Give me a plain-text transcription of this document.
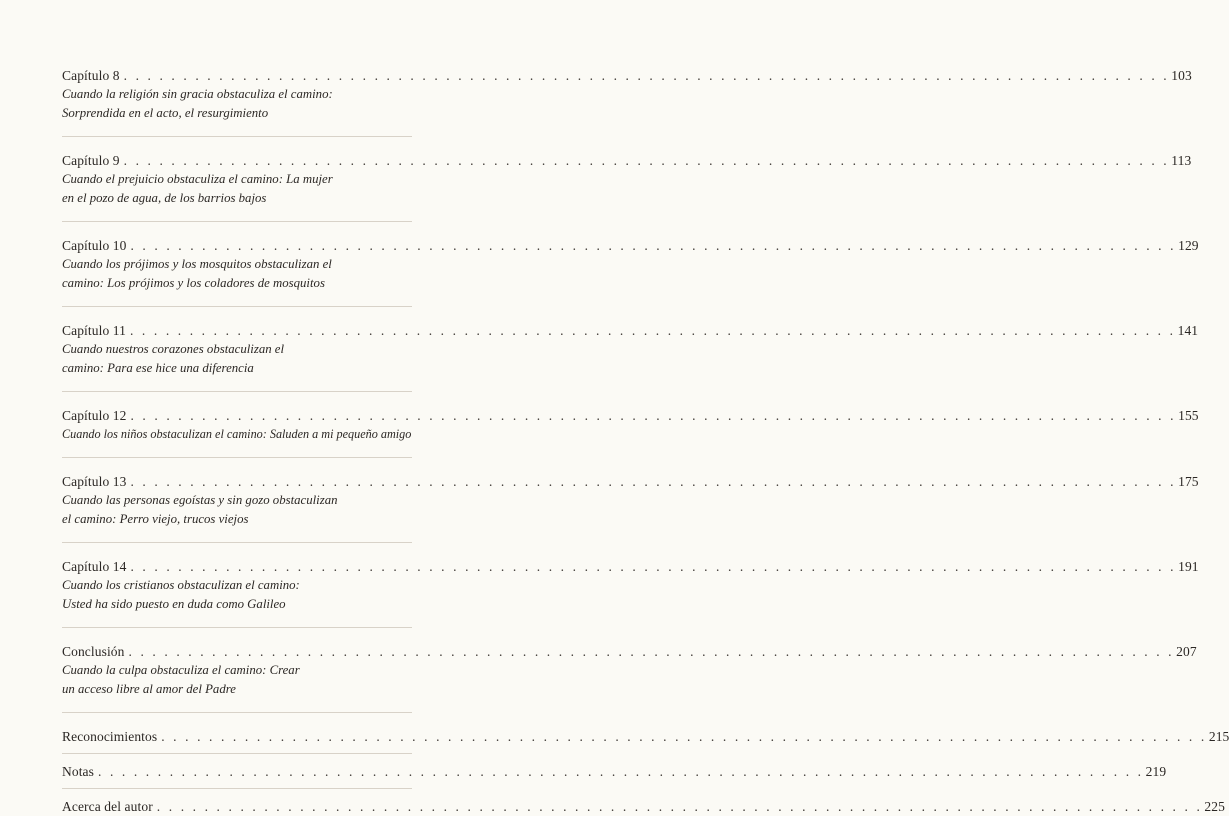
Capítulo 8 . . . . . . . . . . . . . . . . . . . . . . . . . . . . . . . . . . . . . . . . . . . . . . . . . . . . . . . . . . . . . . . . . . . . . . . . . . . . . . . . . . . . . . . . 103

Cuando la religión sin gracia obstaculiza el camino:

Sorprendida en el acto, el resurgimiento

Capítulo 9 . . . . . . . . . . . . . . . . . . . . . . . . . . . . . . . . . . . . . . . . . . . . . . . . . . . . . . . . . . . . . . . . . . . . . . . . . . . . . . . . . . . . . . . . 113

Cuando el prejuicio obstaculiza el camino: La mujer

en el pozo de agua, de los barrios bajos

Capítulo 10 . . . . . . . . . . . . . . . . . . . . . . . . . . . . . . . . . . . . . . . . . . . . . . . . . . . . . . . . . . . . . . . . . . . . . . . . . . . . . . . . . . . . . . . . 129

Cuando los prójimos y los mosquitos obstaculizan el

camino: Los prójimos y los coladores de mosquitos

Capítulo 11 . . . . . . . . . . . . . . . . . . . . . . . . . . . . . . . . . . . . . . . . . . . . . . . . . . . . . . . . . . . . . . . . . . . . . . . . . . . . . . . . . . . . . . . . 141

Cuando nuestros corazones obstaculizan el

camino: Para ese hice una diferencia

Capítulo 12 . . . . . . . . . . . . . . . . . . . . . . . . . . . . . . . . . . . . . . . . . . . . . . . . . . . . . . . . . . . . . . . . . . . . . . . . . . . . . . . . . . . . . . . . 155

Cuando los niños obstaculizan el camino: Saluden a mi pequeño amigo

Capítulo 13 . . . . . . . . . . . . . . . . . . . . . . . . . . . . . . . . . . . . . . . . . . . . . . . . . . . . . . . . . . . . . . . . . . . . . . . . . . . . . . . . . . . . . . . . 175

Cuando las personas egoístas y sin gozo obstaculizan

el camino: Perro viejo, trucos viejos

Capítulo 14 . . . . . . . . . . . . . . . . . . . . . . . . . . . . . . . . . . . . . . . . . . . . . . . . . . . . . . . . . . . . . . . . . . . . . . . . . . . . . . . . . . . . . . . . 191

Cuando los cristianos obstaculizan el camino:

Usted ha sido puesto en duda como Galileo

Conclusión . . . . . . . . . . . . . . . . . . . . . . . . . . . . . . . . . . . . . . . . . . . . . . . . . . . . . . . . . . . . . . . . . . . . . . . . . . . . . . . . . . . . . . . . 207

Cuando la culpa obstaculiza el camino: Crear

un acceso libre al amor del Padre

Reconocimientos . . . . . . . . . . . . . . . . . . . . . . . . . . . . . . . . . . . . . . . . . . . . . . . . . . . . . . . . . . . . . . . . . . . . . . . . . . . . . . . . . . . . . . . . 215
Notas . . . . . . . . . . . . . . . . . . . . . . . . . . . . . . . . . . . . . . . . . . . . . . . . . . . . . . . . . . . . . . . . . . . . . . . . . . . . . . . . . . . . . . . . 219
Acerca del autor . . . . . . . . . . . . . . . . . . . . . . . . . . . . . . . . . . . . . . . . . . . . . . . . . . . . . . . . . . . . . . . . . . . . . . . . . . . . . . . . . . . . . . . . 225
